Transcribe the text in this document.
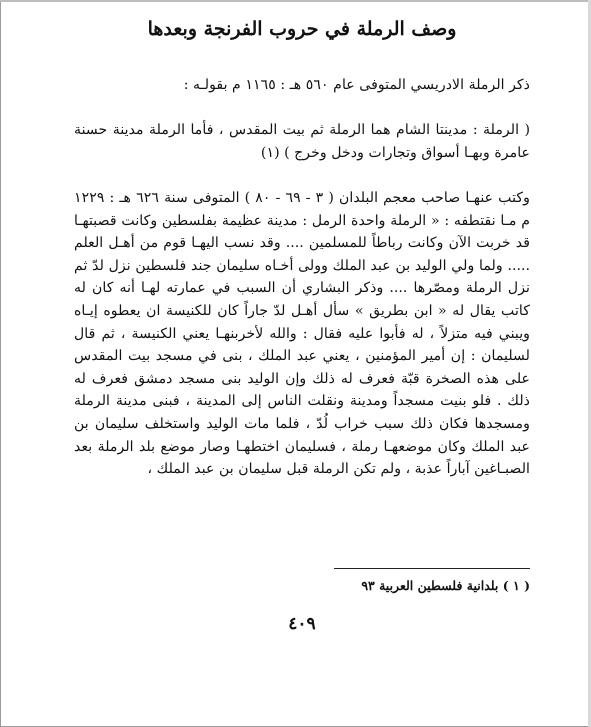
وصف الرملة في حروب الفرنجة وبعدها
ذكر الرملة الادريسي المتوفى عام ٥٦٠ هـ : ١١٦٥ م بقولـه :
( الرملة : مدينتا الشام هما الرملة ثم بيت المقدس ، فأما الرملة مدينة حسنة عامرة وبهـا أسواق وتجارات ودخل وخرج ) (١)
وكتب عنهـا صاحب معجم البلدان ( ٣ - ٦٩ - ٨٠ ) المتوفى سنة ٦٢٦ هـ : ١٢٢٩ م مـا نقتطفه : « الرملة واحدة الرمل : مدينة عظيمة بفلسطين وكانت قصبتهـا قد خربت الآن وكانت رباطاً للمسلمين .... وقد نسب اليهـا قوم من أهـل العلم ..... ولما ولي الوليد بن عبد الملك وولى أخـاه سليمان جند فلسطين نزل لدّ ثم نزل الرملة ومصّرها .... وذكر البشاري أن السبب في عمارته لهـا أنه كان له كاتب يقال له « ابن بطريق » سأل أهـل لدّ جاراً كان للكنيسة ان يعطوه إيـاه ويبني فيه متزلاً ، له فأبوا عليه فقال : والله لأخربنهـا يعني الكنيسة ، ثم قال لسليمان : إن أمير المؤمنين ، يعني عبد الملك ، بنى في مسجد بيت المقدس على هذه الصخرة قبّة فعرف له ذلك وإن الوليد بنى مسجد دمشق فعرف له ذلك . فلو بنيت مسجداً ومدينة ونقلت الناس إلى المدينة ، فبنى مدينة الرملة ومسجدها فكان ذلك سبب خراب لُدّ ، فلما مات الوليد واستخلف سليمان بن عبد الملك وكان موضعهـا رملة ، فسليمان اختطهـا وصار موضع بلد الرملة بعد الصبـاغين آباراً عذبة ، ولم تكن الرملة قبل سليمان بن عبد الملك ،
( ١ ) بلدانية فلسطين العربية ٩٣
٤٠٩
